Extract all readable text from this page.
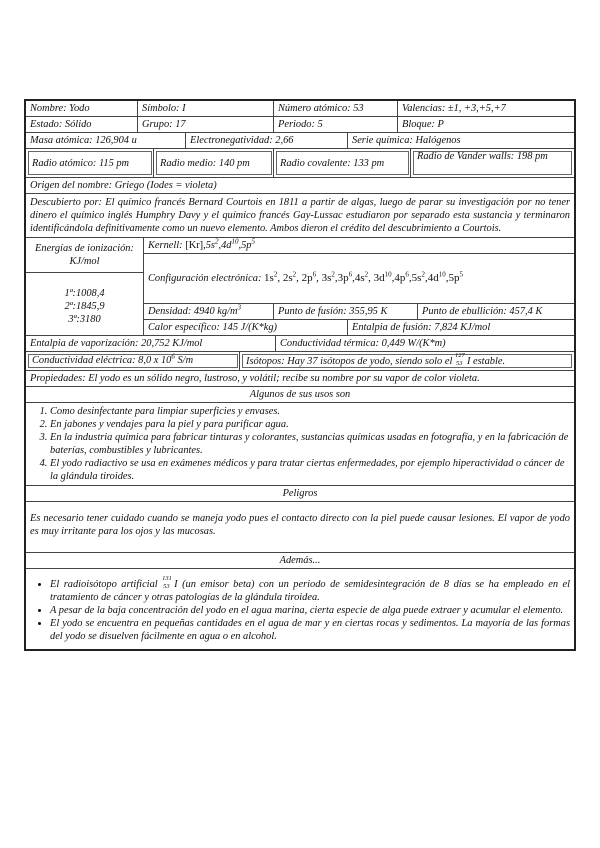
Nombre: Yodo	Símbolo: I	Número atómico: 53	Valencias: ±1, +3,+5,+7
Estado: Sólido	Grupo: 17	Periodo: 5	Bloque: P
Masa atómica: 126,904 u	Electronegatividad: 2,66	Serie química: Halógenos
Radio atómico: 115 pm	Radio medio: 140 pm	Radio covalente: 133 pm
Radio de Vander walls: 198 pm
Origen del nombre: Griego (Iodes = violeta)
Descubierto por: El químico francés Bernard Courtois en 1811 a partir de algas, luego de parar su investigación por no tener dinero el químico inglés Humphry Davy y el químico francés Gay-Lussac estudiaron por separado esta sustancia y terminaron identificándola definitivamente como un nuevo elemento. Ambos dieron el crédito del descubrimiento a Courtois.
Energías de ionización: KJ/mol
1ª:1008,4
2ª:1845,9
3ª:3180
Kernell: $[Kr],5s^2,4d^{10},5p^5$
Configuración electrónica:
$1s^2$, $2s^2$, $2p^6$, $3s^2,3p^6,4s^2$, $3d^{10},4p^6,5s^2,4d^{10},5p^5$
Densidad: 4940 $kg/m^3$	Punto de fusión: 355,95 K	Punto de ebullición: 457,4 K
Calor específico: 145 J/(K*kg)	Entalpia de fusión: 7,824 KJ/mol
Entalpia de vaporización: 20,752 KJ/mol	Conductividad térmica: 0,449 W/(K*m)
Conductividad eléctrica: 8,0 x $10^6$ S/m	Isótopos: Hay 37 isótopos de yodo, siendo solo el
127
53 I estable.
Propiedades: El yodo es un sólido negro, lustroso, y volátil; recibe su nombre por su vapor de color violeta.
Algunos de sus usos son
1. Como desinfectante para limpiar superficies y envases.
2. En jabones y vendajes para la piel y para purificar agua.
3. En la industria química para fabricar tinturas y colorantes, sustancias químicas usadas en fotografía, y en la fabricación de baterías, combustibles y lubricantes.
4. El yodo radiactivo se usa en exámenes médicos y para tratar ciertas enfermedades, por ejemplo hiperactividad o cáncer de la glándula tiroides.
Peligros
Es necesario tener cuidado cuando se maneja yodo pues el contacto directo con la piel puede causar lesiones. El vapor de yodo es muy irritante para los ojos y las mucosas.
Además...
• El radioisótopo artificial
131
53 I (un emisor beta) con un periodo de semidesintegración de 8 días se ha empleado en el tratamiento de cáncer y otras patologías de la glándula tiroidea.
• A pesar de la baja concentración del yodo en el agua marina, cierta especie de alga puede extraer y acumular el elemento.
• El yodo se encuentra en pequeñas cantidades en el agua de mar y en ciertas rocas y sedimentos. La mayoría de las formas del yodo se disuelven fácilmente en agua o en alcohol.
